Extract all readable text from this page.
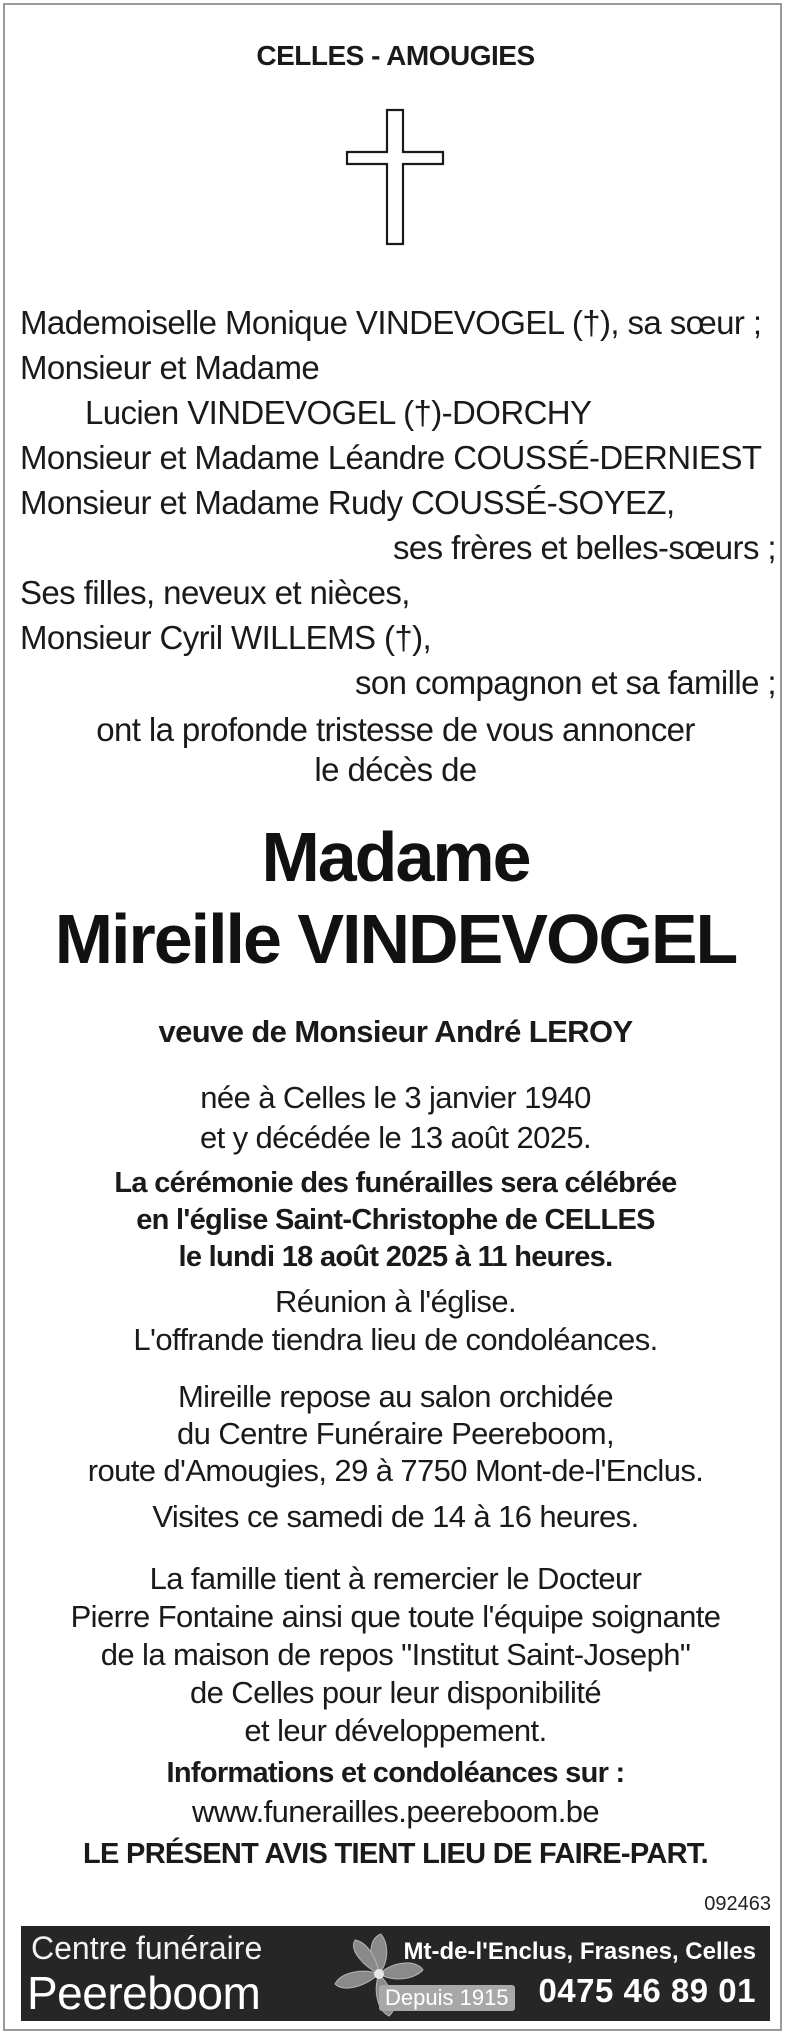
CELLES - AMOUGIES
Mademoiselle Monique VINDEVOGEL (†), sa sœur ;
Monsieur et Madame
Lucien VINDEVOGEL (†)-DORCHY
Monsieur et Madame Léandre COUSSÉ-DERNIEST
Monsieur et Madame Rudy COUSSÉ-SOYEZ,
ses frères et belles-sœurs ;
Ses filles, neveux et nièces,
Monsieur Cyril WILLEMS (†),
son compagnon et sa famille ;
ont la profonde tristesse de vous annoncer
le décès de
Madame
Mireille VINDEVOGEL
veuve de Monsieur André LEROY
née à Celles le 3 janvier 1940
et y décédée le 13 août 2025.
La cérémonie des funérailles sera célébrée
en l'église Saint-Christophe de CELLES
le lundi 18 août 2025 à 11 heures.
Réunion à l'église.
L'offrande tiendra lieu de condoléances.
Mireille repose au salon orchidée
du Centre Funéraire Peereboom,
route d'Amougies, 29 à 7750 Mont-de-l'Enclus.
Visites ce samedi de 14 à 16 heures.
La famille tient à remercier le Docteur
Pierre Fontaine ainsi que toute l'équipe soignante
de la maison de repos "Institut Saint-Joseph"
de Celles pour leur disponibilité
et leur développement.
Informations et condoléances sur :
www.funerailles.peereboom.be
LE PRÉSENT AVIS TIENT LIEU DE FAIRE-PART.
092463
Centre funéraire
Peereboom	Depuis 1915
Mt-de-l'Enclus, Frasnes, Celles
0475 46 89 01
